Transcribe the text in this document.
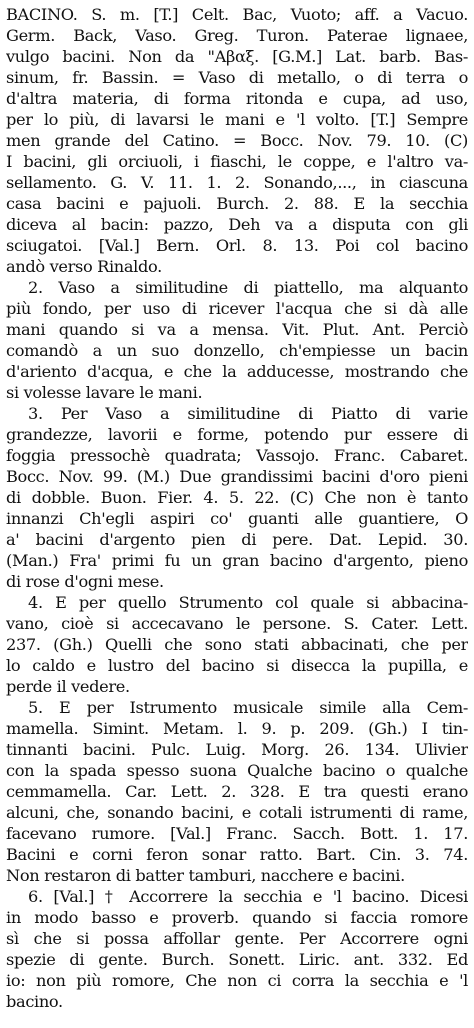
BACINO. S. m. [T.] Celt. Bac, Vuoto; aff. a Vacuo.
Germ. Back, Vaso. Greg. Turon. Paterae lignaee,
vulgo bacini. Non da "Aβαξ. [G.M.] Lat. barb. Bas-
sinum, fr. Bassin. = Vaso di metallo, o di terra o
d'altra materia, di forma ritonda e cupa, ad uso,
per lo più, di lavarsi le mani e 'l volto. [T.] Sempre
men grande del Catino. = Bocc. Nov. 79. 10. (C)
I bacini, gli orciuoli, i fiaschi, le coppe, e l'altro va-
sellamento. G. V. 11. 1. 2. Sonando,..., in ciascuna
casa bacini e pajuoli. Burch. 2. 88. E la secchia
diceva al bacin: pazzo, Deh va a disputa con gli
sciugatoi. [Val.] Bern. Orl. 8. 13. Poi col bacino
andò verso Rinaldo.
2. Vaso a similitudine di piattello, ma alquanto
più fondo, per uso di ricever l'acqua che si dà alle
mani quando si va a mensa. Vit. Plut. Ant. Perciò
comandò a un suo donzello, ch'empiesse un bacin
d'ariento d'acqua, e che la adducesse, mostrando che
si volesse lavare le mani.
3. Per Vaso a similitudine di Piatto di varie
grandezze, lavorii e forme, potendo pur essere di
foggia pressochè quadrata; Vassojo. Franc. Cabaret.
Bocc. Nov. 99. (M.) Due grandissimi bacini d'oro pieni
di dobble. Buon. Fier. 4. 5. 22. (C) Che non è tanto
innanzi Ch'egli aspiri co' guanti alle guantiere, O
a' bacini d'argento pien di pere. Dat. Lepid. 30.
(Man.) Fra' primi fu un gran bacino d'argento, pieno
di rose d'ogni mese.
4. E per quello Strumento col quale si abbacina-
vano, cioè si accecavano le persone. S. Cater. Lett.
237. (Gh.) Quelli che sono stati abbacinati, che per
lo caldo e lustro del bacino si disecca la pupilla, e
perde il vedere.
5. E per Istrumento musicale simile alla Cem-
mamella. Simint. Metam. l. 9. p. 209. (Gh.) I tin-
tinnanti bacini. Pulc. Luig. Morg. 26. 134. Ulivier
con la spada spesso suona Qualche bacino o qualche
cemmamella. Car. Lett. 2. 328. E tra questi erano
alcuni, che, sonando bacini, e cotali istrumenti di rame,
facevano rumore. [Val.] Franc. Sacch. Bott. 1. 17.
Bacini e corni feron sonar ratto. Bart. Cin. 3. 74.
Non restaron di batter tamburi, nacchere e bacini.
6. [Val.] † Accorrere la secchia e 'l bacino. Dicesi
in modo basso e proverb. quando si faccia romore
sì che si possa affollar gente. Per Accorrere ogni
spezie di gente. Burch. Sonett. Liric. ant. 332. Ed
io: non più romore, Che non ci corra la secchia e 'l
bacino.
